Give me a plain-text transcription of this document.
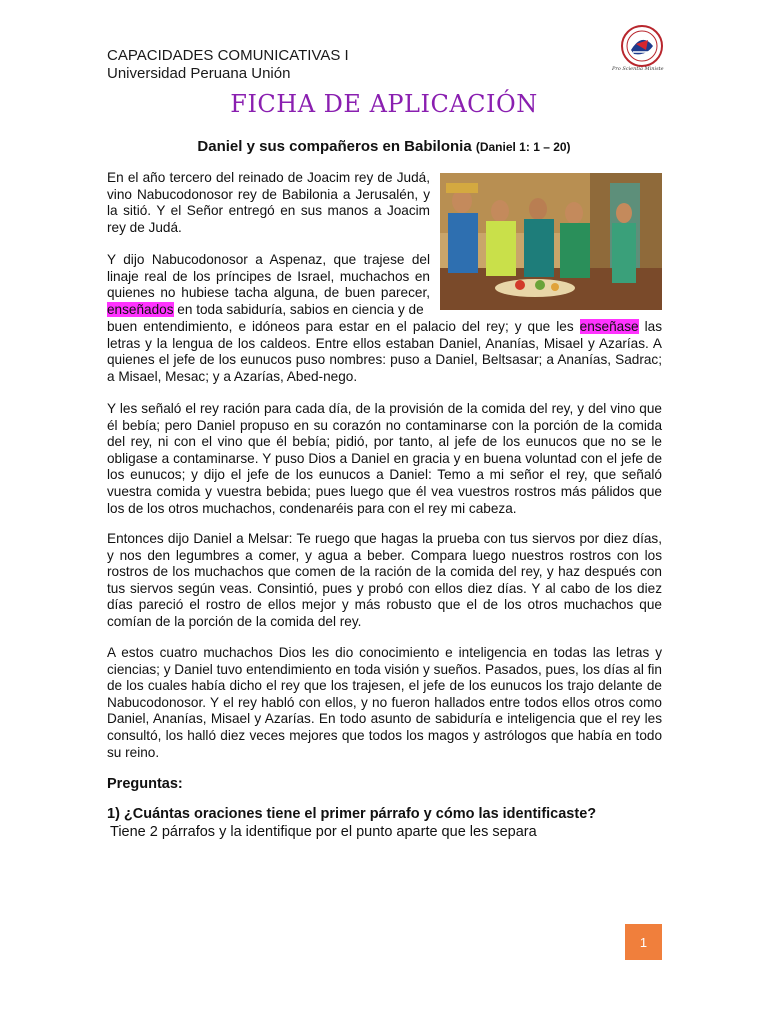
CAPACIDADES COMUNICATIVAS I
Universidad Peruana Unión	Pro Scientia Ministe
FICHA DE APLICACIÓN
Daniel y sus compañeros en Babilonia (Daniel 1: 1 – 20)

En el año tercero del reinado de Joacim rey de Judá, vino Nabucodonosor rey de Babilonia a Jerusalén, y la sitió. Y el Señor entregó en sus manos a Joacim rey de Judá.

Y dijo Nabucodonosor a Aspenaz, que trajese del linaje real de los príncipes de Israel, muchachos en quienes no hubiese tacha alguna, de buen parecer, enseñados en toda sabiduría, sabios en ciencia y de

buen entendimiento, e idóneos para estar en el palacio del rey; y que les enseñase las letras y la lengua de los caldeos. Entre ellos estaban Daniel, Ananías, Misael y Azarías. A quienes el jefe de los eunucos puso nombres: puso a Daniel, Beltsasar; a Ananías, Sadrac; a Misael, Mesac; y a Azarías, Abed-nego.

Y les señaló el rey ración para cada día, de la provisión de la comida del rey, y del vino que él bebía; pero Daniel propuso en su corazón no contaminarse con la porción de la comida del rey, ni con el vino que él bebía; pidió, por tanto, al jefe de los eunucos que no se le obligase a contaminarse. Y puso Dios a Daniel en gracia y en buena voluntad con el jefe de los eunucos; y dijo el jefe de los eunucos a Daniel: Temo a mi señor el rey, que señaló vuestra comida y vuestra bebida; pues luego que él vea vuestros rostros más pálidos que los de los otros muchachos, condenaréis para con el rey mi cabeza.

Entonces dijo Daniel a Melsar: Te ruego que hagas la prueba con tus siervos por diez días, y nos den legumbres a comer, y agua a beber. Compara luego nuestros rostros con los rostros de los muchachos que comen de la ración de la comida del rey, y haz después con tus siervos según veas. Consintió, pues y probó con ellos diez días. Y al cabo de los diez días pareció el rostro de ellos mejor y más robusto que el de los otros muchachos que comían de la porción de la comida del rey.

A estos cuatro muchachos Dios les dio conocimiento e inteligencia en todas las letras y ciencias; y Daniel tuvo entendimiento en toda visión y sueños. Pasados, pues, los días al fin de los cuales había dicho el rey que los trajesen, el jefe de los eunucos los trajo delante de Nabucodonosor. Y el rey habló con ellos, y no fueron hallados entre todos ellos otros como Daniel, Ananías, Misael y Azarías. En todo asunto de sabiduría e inteligencia que el rey les consultó, los halló diez veces mejores que todos los magos y astrólogos que había en todo su reino.

Preguntas:
1) ¿Cuántas oraciones tiene el primer párrafo y cómo las identificaste?
Tiene 2 párrafos y la identifique por el punto aparte que les separa
1
